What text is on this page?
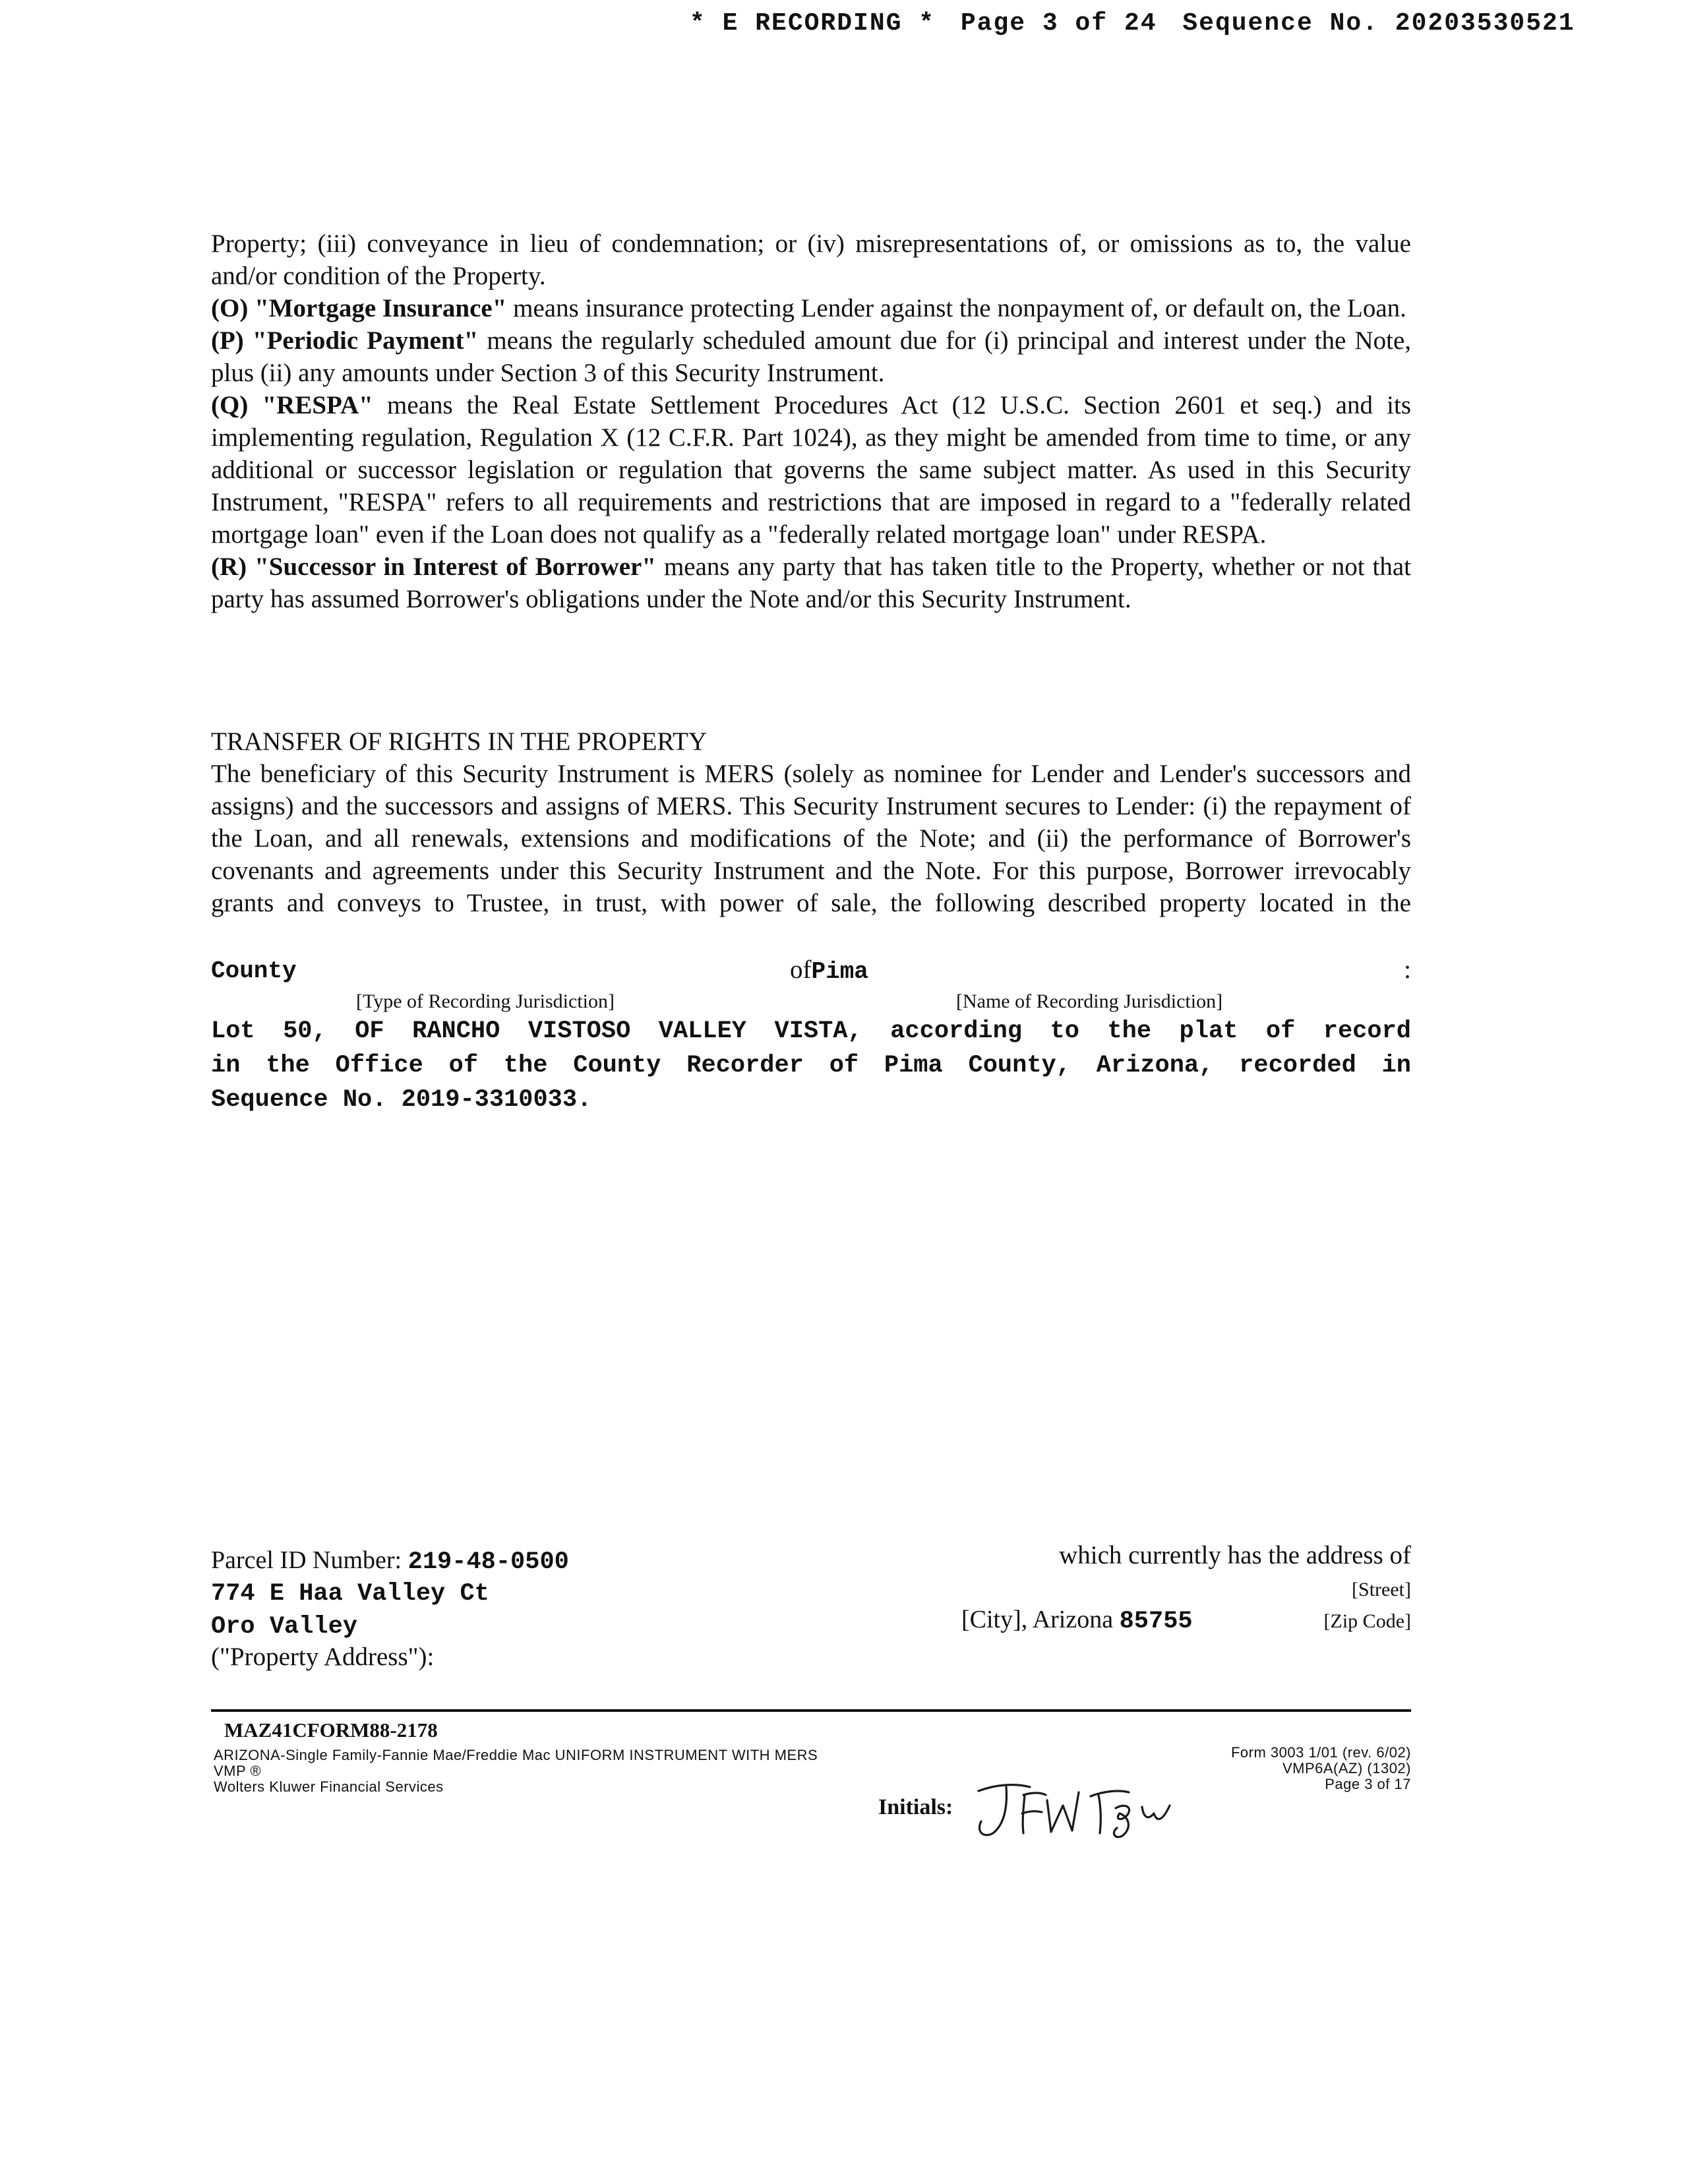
* E RECORDING * Page 3 of 24 Sequence No. 20203530521

Property; (iii) conveyance in lieu of condemnation; or (iv) misrepresentations of, or omissions as to, the value and/or condition of the Property.

(O) "Mortgage Insurance" means insurance protecting Lender against the nonpayment of, or default on, the Loan.

(P) "Periodic Payment" means the regularly scheduled amount due for (i) principal and interest under the Note, plus (ii) any amounts under Section 3 of this Security Instrument.

(Q) "RESPA" means the Real Estate Settlement Procedures Act (12 U.S.C. Section 2601 et seq.) and its implementing regulation, Regulation X (12 C.F.R. Part 1024), as they might be amended from time to time, or any additional or successor legislation or regulation that governs the same subject matter. As used in this Security Instrument, "RESPA" refers to all requirements and restrictions that are imposed in regard to a "federally related mortgage loan" even if the Loan does not qualify as a "federally related mortgage loan" under RESPA.

(R) "Successor in Interest of Borrower" means any party that has taken title to the Property, whether or not that party has assumed Borrower's obligations under the Note and/or this Security Instrument.

TRANSFER OF RIGHTS IN THE PROPERTY
The beneficiary of this Security Instrument is MERS (solely as nominee for Lender and Lender's successors and assigns) and the successors and assigns of MERS. This Security Instrument secures to Lender: (i) the repayment of the Loan, and all renewals, extensions and modifications of the Note; and (ii) the performance of Borrower's covenants and agreements under this Security Instrument and the Note. For this purpose, Borrower irrevocably grants and conveys to Trustee, in trust, with power of sale, the following described property located in the
County	ofPima	:
[Type of Recording Jurisdiction]	[Name of Recording Jurisdiction]
Lot 50, OF RANCHO VISTOSO VALLEY VISTA, according to the plat of record
in the Office of the County Recorder of Pima County, Arizona, recorded in
Sequence No. 2019-3310033.
Parcel ID Number: 219-48-0500	which currently has the address of
774 E Haa Valley Ct	[Street]
Oro Valley	[City], Arizona 85755	[Zip Code]
("Property Address"):
MAZ41CFORM88-2178
ARIZONA-Single Family-Fannie Mae/Freddie Mac UNIFORM INSTRUMENT WITH MERS
VMP ®
Wolters Kluwer Financial Services
Form 3003 1/01 (rev. 6/02)
VMP6A(AZ) (1302)
Page 3 of 17
Initials:
